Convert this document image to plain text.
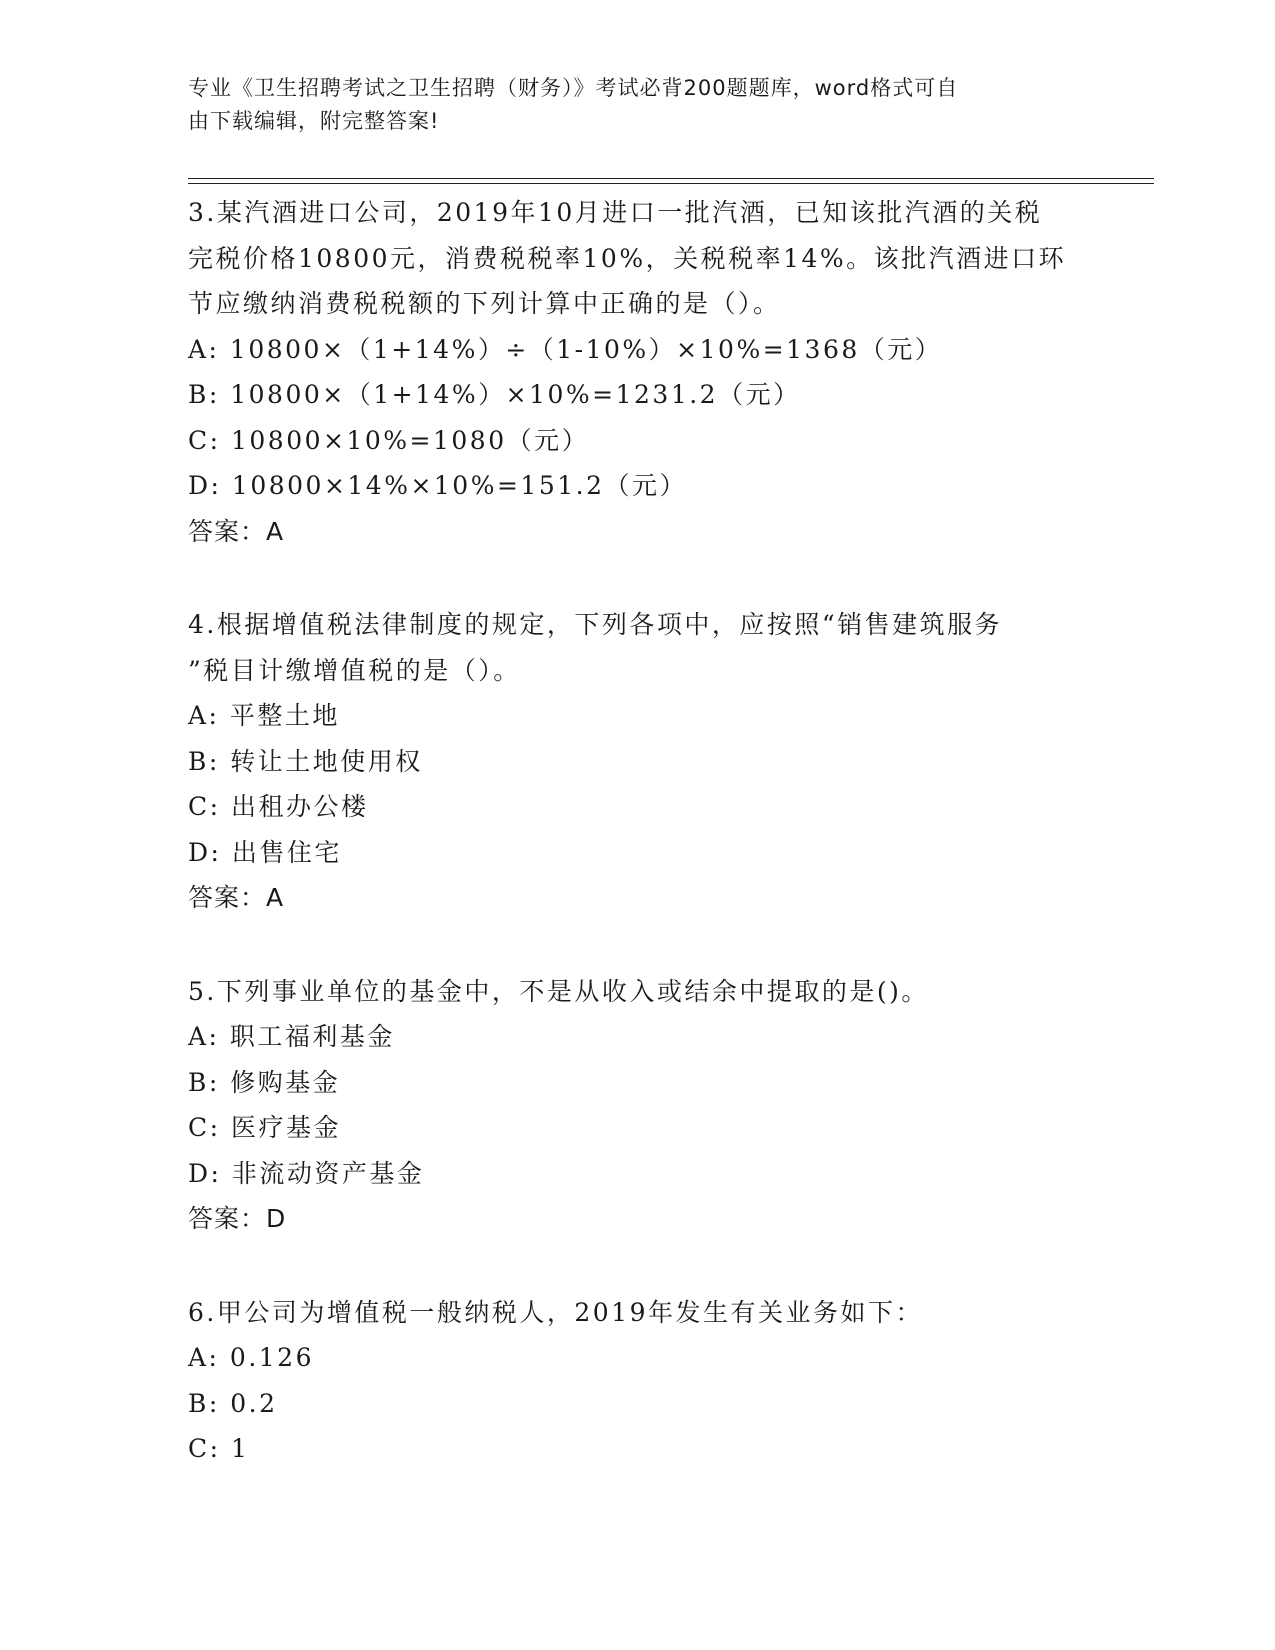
专业《卫生招聘考试之卫生招聘（财务）》考试必背200题题库，word格式可自

由下载编辑，附完整答案!

3.某汽酒进口公司，2019年10月进口一批汽酒，已知该批汽酒的关税

完税价格10800元，消费税税率10%，关税税率14%。该批汽酒进口环

节应缴纳消费税税额的下列计算中正确的是（）。

A: 10800×（1+14%）÷（1-10%）×10%=1368（元）

B: 10800×（1+14%）×10%=1231.2（元）

C: 10800×10%=1080（元）

D: 10800×14%×10%=151.2（元）

答案：A

4.根据增值税法律制度的规定，下列各项中，应按照“销售建筑服务

”税目计缴增值税的是（）。

A: 平整土地

B: 转让土地使用权

C: 出租办公楼

D: 出售住宅

答案：A

5.下列事业单位的基金中，不是从收入或结余中提取的是()。

A: 职工福利基金

B: 修购基金

C: 医疗基金

D: 非流动资产基金

答案：D

6.甲公司为增值税一般纳税人，2019年发生有关业务如下：

A: 0.126

B: 0.2

C: 1
